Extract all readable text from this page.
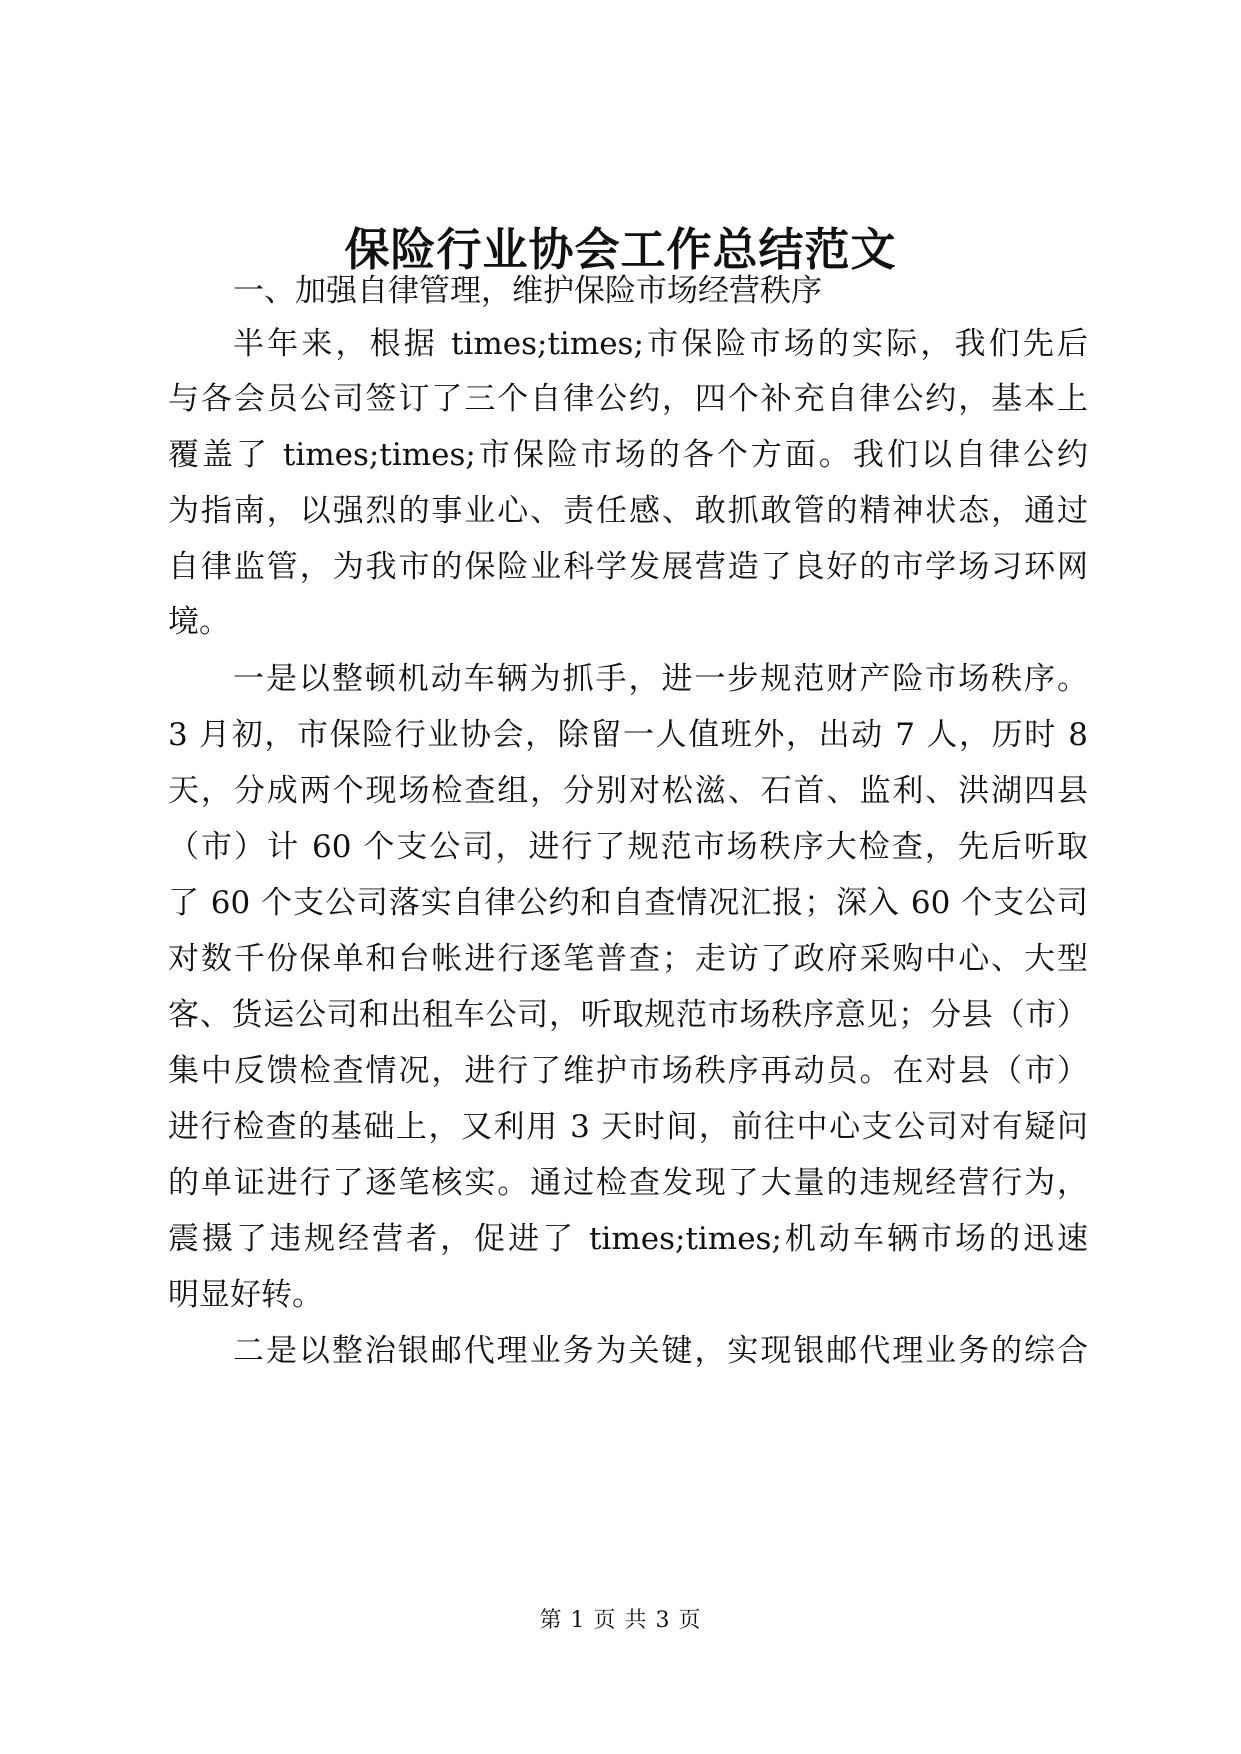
保险行业协会工作总结范文
一、加强自律管理，维护保险市场经营秩序
半年来，根据 times;times;市保险市场的实际，我们先后
与各会员公司签订了三个自律公约，四个补充自律公约，基本上
覆盖了 times;times;市保险市场的各个方面。我们以自律公约
为指南，以强烈的事业心、责任感、敢抓敢管的精神状态，通过
自律监管，为我市的保险业科学发展营造了良好的市学场习环网
境。
一是以整顿机动车辆为抓手，进一步规范财产险市场秩序。
3 月初，市保险行业协会，除留一人值班外，出动 7 人，历时 8
天，分成两个现场检查组，分别对松滋、石首、监利、洪湖四县
（市）计 60 个支公司，进行了规范市场秩序大检查，先后听取
了 60 个支公司落实自律公约和自查情况汇报；深入 60 个支公司
对数千份保单和台帐进行逐笔普查；走访了政府采购中心、大型
客、货运公司和出租车公司，听取规范市场秩序意见；分县（市）
集中反馈检查情况，进行了维护市场秩序再动员。在对县（市）
进行检查的基础上，又利用 3 天时间，前往中心支公司对有疑问
的单证进行了逐笔核实。通过检查发现了大量的违规经营行为，
震摄了违规经营者，促进了 times;times;机动车辆市场的迅速
明显好转。
二是以整治银邮代理业务为关键，实现银邮代理业务的综合
第 1 页 共 3 页
